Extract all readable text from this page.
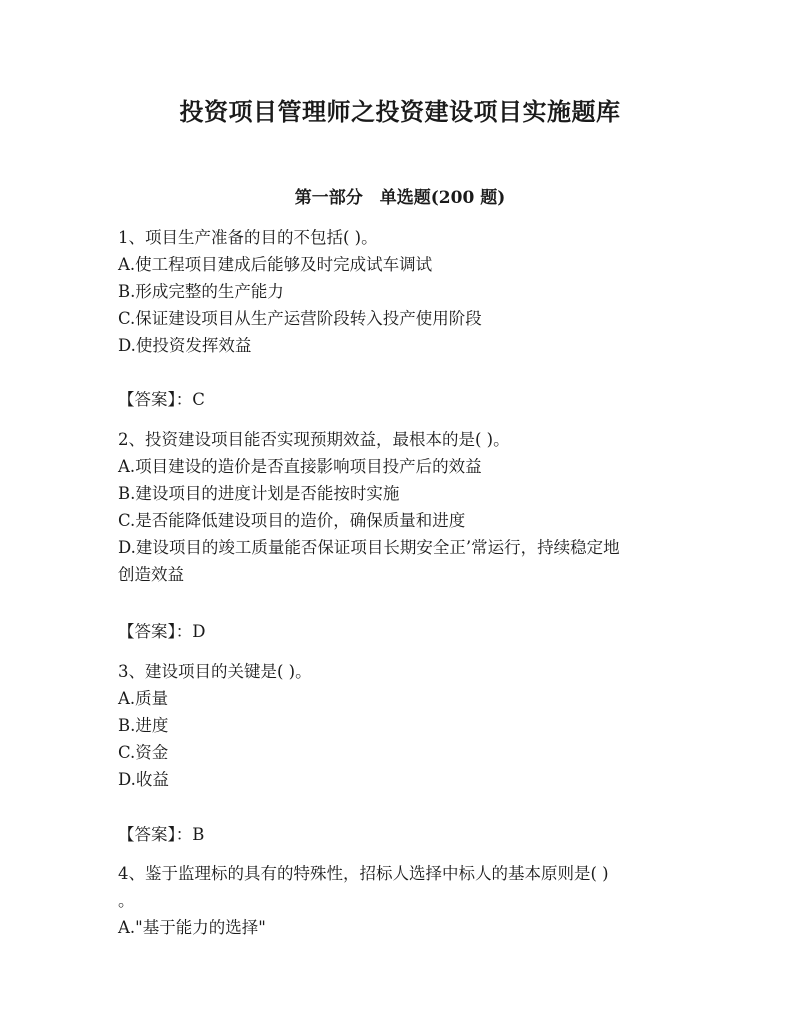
投资项目管理师之投资建设项目实施题库
第一部分　单选题(200 题)
1、项目生产准备的目的不包括( )。
A.使工程项目建成后能够及时完成试车调试
B.形成完整的生产能力
C.保证建设项目从生产运营阶段转入投产使用阶段
D.使投资发挥效益
【答案】：C
2、投资建设项目能否实现预期效益，最根本的是( )。
A.项目建设的造价是否直接影响项目投产后的效益
B.建设项目的进度计划是否能按时实施
C.是否能降低建设项目的造价，确保质量和进度
D.建设项目的竣工质量能否保证项目长期安全正’常运行，持续稳定地
创造效益
【答案】：D
3、建设项目的关键是( )。
A.质量
B.进度
C.资金
D.收益
【答案】：B
4、鉴于监理标的具有的特殊性，招标人选择中标人的基本原则是( )
。
A."基于能力的选择"
